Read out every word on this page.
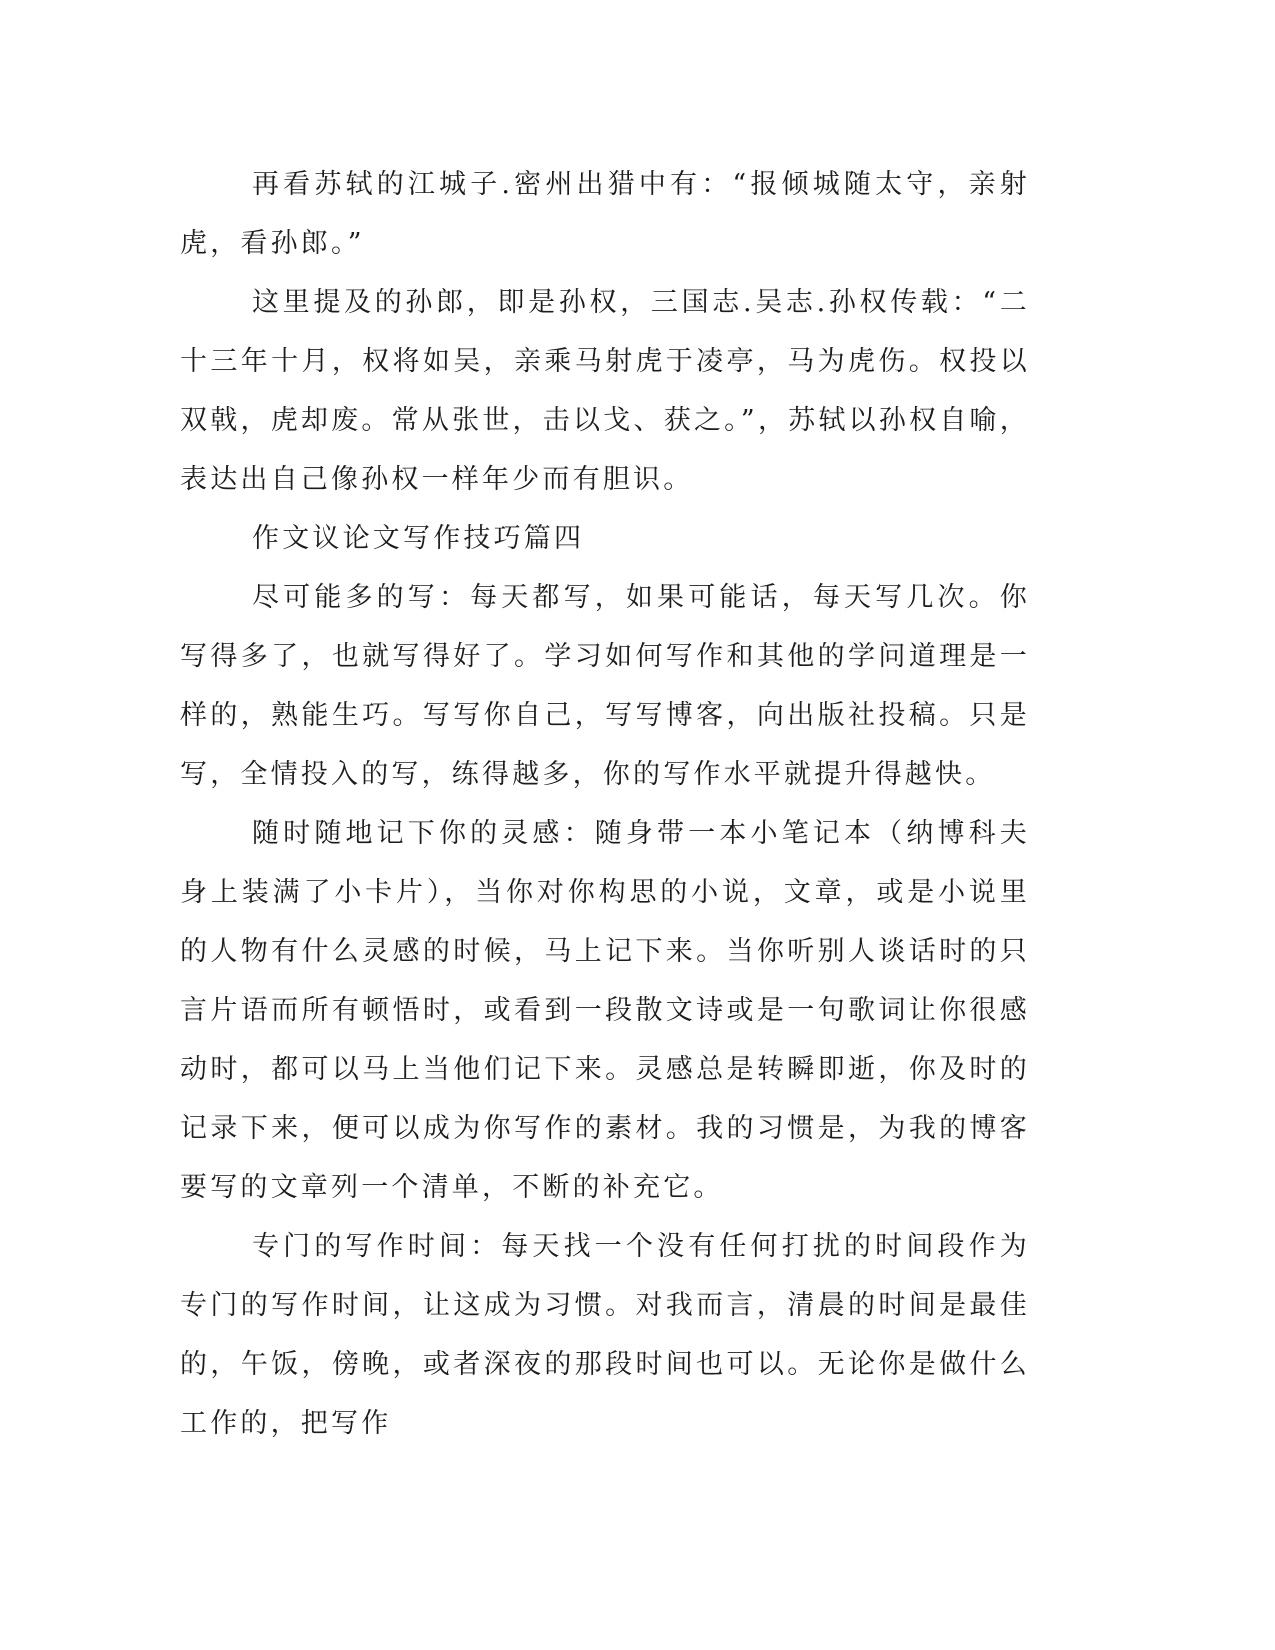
再看苏轼的江城子.密州出猎中有：“报倾城随太守，亲射虎，看孙郎。”

这里提及的孙郎，即是孙权，三国志.吴志.孙权传载：“二十三年十月，权将如吴，亲乘马射虎于凌亭，马为虎伤。权投以双戟，虎却废。常从张世，击以戈、获之。”，苏轼以孙权自喻，表达出自己像孙权一样年少而有胆识。

作文议论文写作技巧篇四

尽可能多的写：每天都写，如果可能话，每天写几次。你写得多了，也就写得好了。学习如何写作和其他的学问道理是一样的，熟能生巧。写写你自己，写写博客，向出版社投稿。只是写，全情投入的写，练得越多，你的写作水平就提升得越快。

随时随地记下你的灵感：随身带一本小笔记本（纳博科夫身上装满了小卡片），当你对你构思的小说，文章，或是小说里的人物有什么灵感的时候，马上记下来。当你听别人谈话时的只言片语而所有顿悟时，或看到一段散文诗或是一句歌词让你很感动时，都可以马上当他们记下来。灵感总是转瞬即逝，你及时的记录下来，便可以成为你写作的素材。我的习惯是，为我的博客要写的文章列一个清单，不断的补充它。

专门的写作时间：每天找一个没有任何打扰的时间段作为专门的写作时间，让这成为习惯。对我而言，清晨的时间是最佳的，午饭，傍晚，或者深夜的那段时间也可以。无论你是做什么工作的，把写作
